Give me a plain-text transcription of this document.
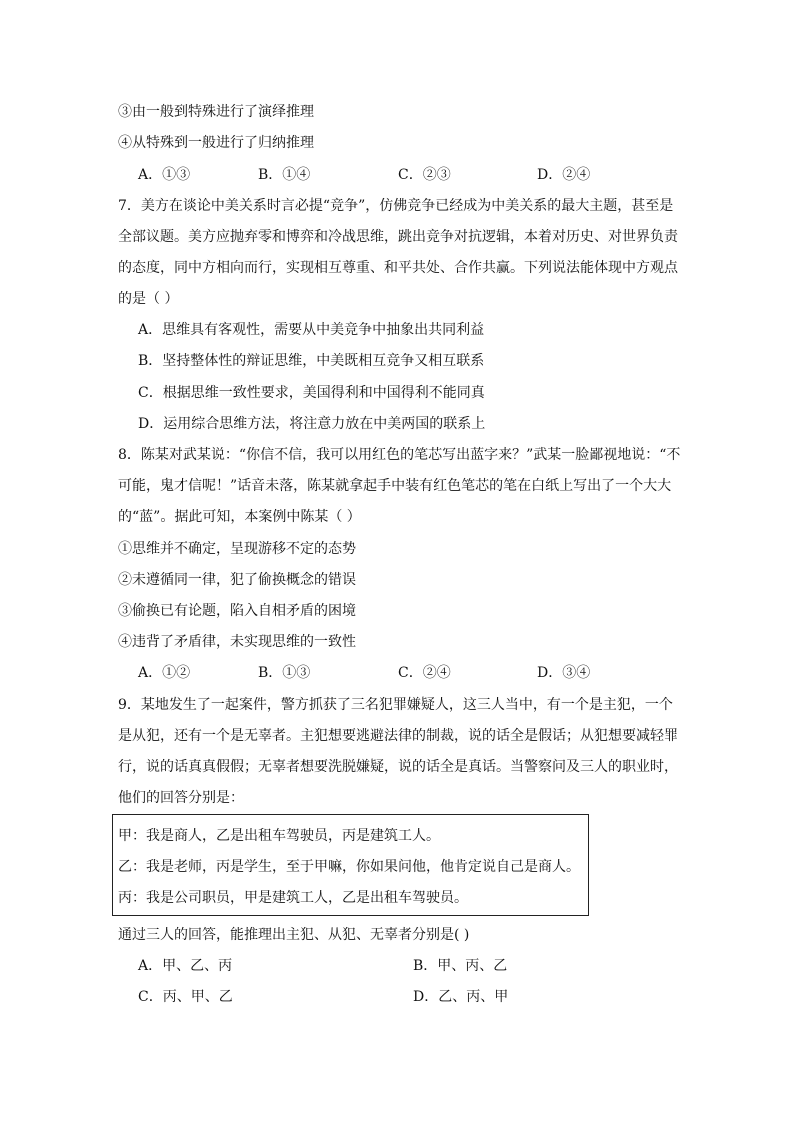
③由一般到特殊进行了演绎推理
④从特殊到一般进行了归纳推理
A．①③	B．①④	C．②③	D．②④
7．美方在谈论中美关系时言必提“竞争”，仿佛竞争已经成为中美关系的最大主题，甚至是
全部议题。美方应抛弃零和博弈和冷战思维，跳出竞争对抗逻辑，本着对历史、对世界负责
的态度，同中方相向而行，实现相互尊重、和平共处、合作共赢。下列说法能体现中方观点
的是（ ）
A．思维具有客观性，需要从中美竞争中抽象出共同利益
B．坚持整体性的辩证思维，中美既相互竞争又相互联系
C．根据思维一致性要求，美国得利和中国得利不能同真
D．运用综合思维方法，将注意力放在中美两国的联系上
8．陈某对武某说：“你信不信，我可以用红色的笔芯写出蓝字来？”武某一脸鄙视地说：“不
可能，鬼才信呢！”话音未落，陈某就拿起手中装有红色笔芯的笔在白纸上写出了一个大大
的“蓝”。据此可知，本案例中陈某（ ）
①思维并不确定，呈现游移不定的态势
②未遵循同一律，犯了偷换概念的错误
③偷换已有论题，陷入自相矛盾的困境
④违背了矛盾律，未实现思维的一致性
A．①②	B．①③	C．②④	D．③④
9．某地发生了一起案件，警方抓获了三名犯罪嫌疑人，这三人当中，有一个是主犯，一个
是从犯，还有一个是无辜者。主犯想要逃避法律的制裁，说的话全是假话；从犯想要减轻罪
行，说的话真真假假；无辜者想要洗脱嫌疑，说的话全是真话。当警察问及三人的职业时，
他们的回答分别是：
甲：我是商人，乙是出租车驾驶员，丙是建筑工人。
乙：我是老师，丙是学生，至于甲嘛，你如果问他，他肯定说自己是商人。
丙：我是公司职员，甲是建筑工人，乙是出租车驾驶员。
通过三人的回答，能推理出主犯、从犯、无辜者分别是( )
A．甲、乙、丙	B．甲、丙、乙
C．丙、甲、乙	D．乙、丙、甲
